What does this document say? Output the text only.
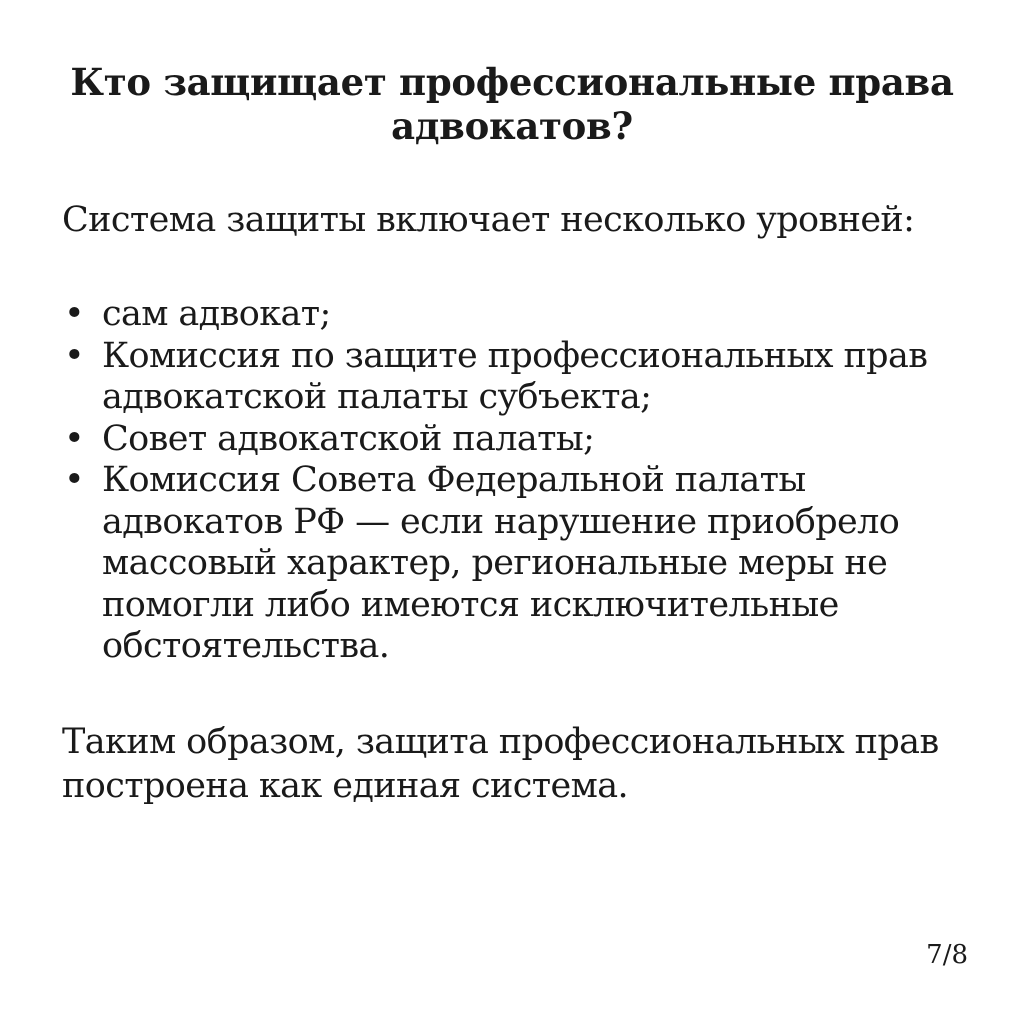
Кто защищает профессиональные права адвокатов?

Система защиты включает несколько уровней:

• сам адвокат;
• Комиссия по защите профессиональных прав адвокатской палаты субъекта;
• Совет адвокатской палаты;
• Комиссия Совета Федеральной палаты адвокатов РФ — если нарушение приобрело массовый характер, региональные меры не помогли либо имеются исключительные обстоятельства.

Таким образом, защита профессиональных прав построена как единая система.

7/8
